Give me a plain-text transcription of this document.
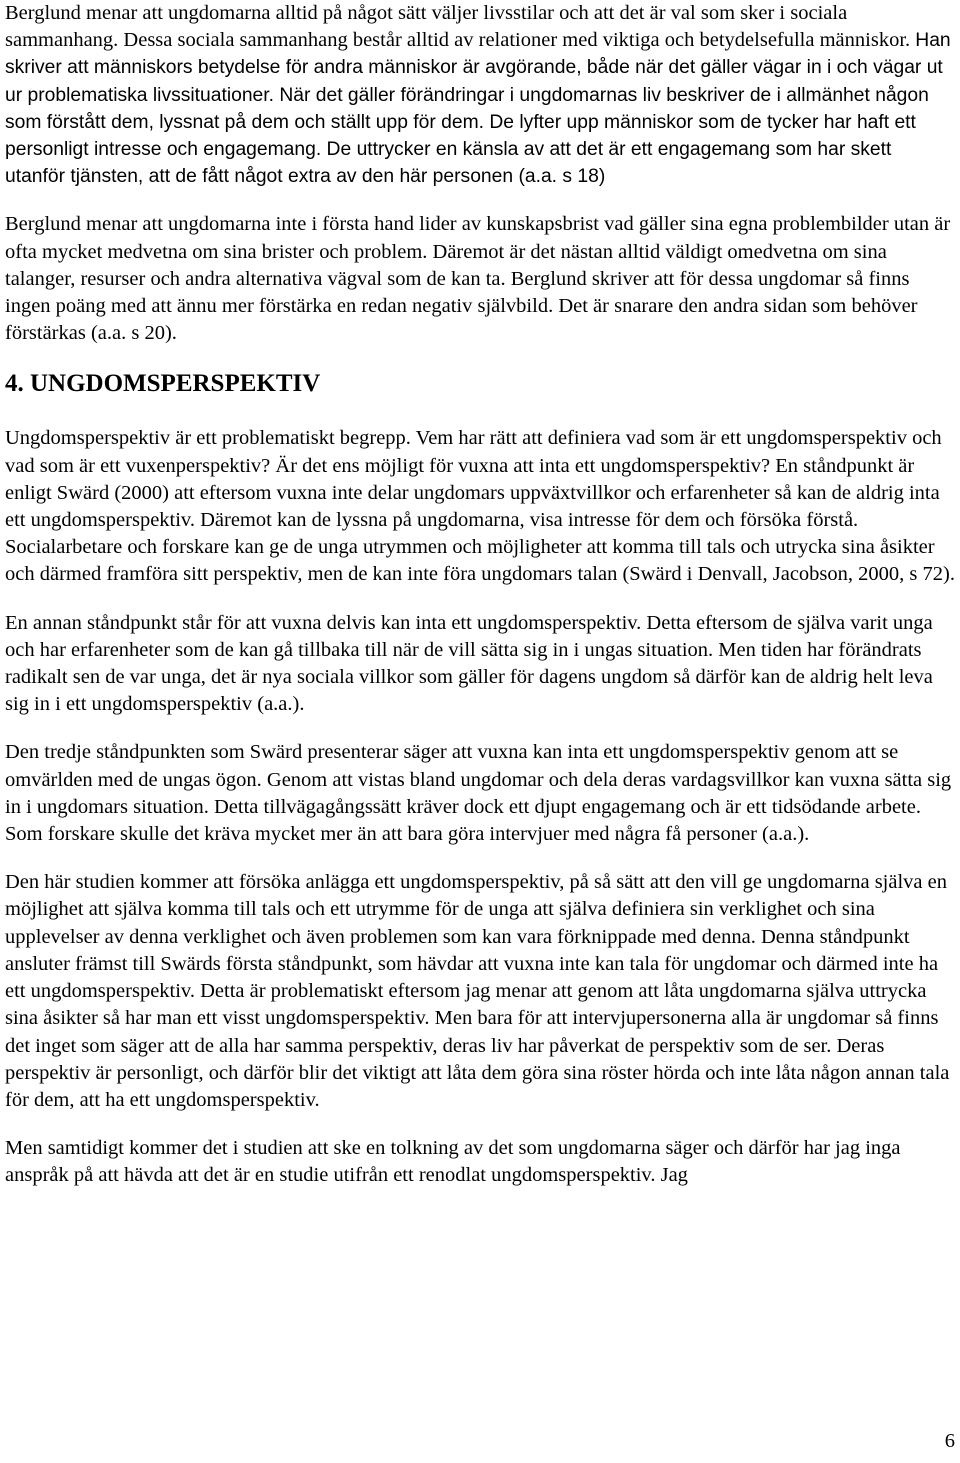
Berglund menar att ungdomarna alltid på något sätt väljer livsstilar och att det är val som sker i sociala sammanhang. Dessa sociala sammanhang består alltid av relationer med viktiga och betydelsefulla människor. Han skriver att människors betydelse för andra människor är avgörande, både när det gäller vägar in i och vägar ut ur problematiska livssituationer. När det gäller förändringar i ungdomarnas liv beskriver de i allmänhet någon som förstått dem, lyssnat på dem och ställt upp för dem. De lyfter upp människor som de tycker har haft ett personligt intresse och engagemang. De uttrycker en känsla av att det är ett engagemang som har skett utanför tjänsten, att de fått något extra av den här personen (a.a. s 18)

Berglund menar att ungdomarna inte i första hand lider av kunskapsbrist vad gäller sina egna problembilder utan är ofta mycket medvetna om sina brister och problem. Däremot är det nästan alltid väldigt omedvetna om sina talanger, resurser och andra alternativa vägval som de kan ta. Berglund skriver att för dessa ungdomar så finns ingen poäng med att ännu mer förstärka en redan negativ självbild. Det är snarare den andra sidan som behöver förstärkas (a.a. s 20).

4. UNGDOMSPERSPEKTIV

Ungdomsperspektiv är ett problematiskt begrepp. Vem har rätt att definiera vad som är ett ungdomsperspektiv och vad som är ett vuxenperspektiv? Är det ens möjligt för vuxna att inta ett ungdomsperspektiv? En ståndpunkt är enligt Swärd (2000) att eftersom vuxna inte delar ungdomars uppväxtvillkor och erfarenheter så kan de aldrig inta ett ungdomsperspektiv. Däremot kan de lyssna på ungdomarna, visa intresse för dem och försöka förstå. Socialarbetare och forskare kan ge de unga utrymmen och möjligheter att komma till tals och utrycka sina åsikter och därmed framföra sitt perspektiv, men de kan inte föra ungdomars talan (Swärd i Denvall, Jacobson, 2000, s 72).

En annan ståndpunkt står för att vuxna delvis kan inta ett ungdomsperspektiv. Detta eftersom de själva varit unga och har erfarenheter som de kan gå tillbaka till när de vill sätta sig in i ungas situation. Men tiden har förändrats radikalt sen de var unga, det är nya sociala villkor som gäller för dagens ungdom så därför kan de aldrig helt leva sig in i ett ungdomsperspektiv (a.a.).

Den tredje ståndpunkten som Swärd presenterar säger att vuxna kan inta ett ungdomsperspektiv genom att se omvärlden med de ungas ögon. Genom att vistas bland ungdomar och dela deras vardagsvillkor kan vuxna sätta sig in i ungdomars situation. Detta tillvägagångssätt kräver dock ett djupt engagemang och är ett tidsödande arbete. Som forskare skulle det kräva mycket mer än att bara göra intervjuer med några få personer (a.a.).

Den här studien kommer att försöka anlägga ett ungdomsperspektiv, på så sätt att den vill ge ungdomarna själva en möjlighet att själva komma till tals och ett utrymme för de unga att själva definiera sin verklighet och sina upplevelser av denna verklighet och även problemen som kan vara förknippade med denna. Denna ståndpunkt ansluter främst till Swärds första ståndpunkt, som hävdar att vuxna inte kan tala för ungdomar och därmed inte ha ett ungdomsperspektiv. Detta är problematiskt eftersom jag menar att genom att låta ungdomarna själva uttrycka sina åsikter så har man ett visst ungdomsperspektiv. Men bara för att intervjupersonerna alla är ungdomar så finns det inget som säger att de alla har samma perspektiv, deras liv har påverkat de perspektiv som de ser. Deras perspektiv är personligt, och därför blir det viktigt att låta dem göra sina röster hörda och inte låta någon annan tala för dem, att ha ett ungdomsperspektiv.

Men samtidigt kommer det i studien att ske en tolkning av det som ungdomarna säger och därför har jag inga anspråk på att hävda att det är en studie utifrån ett renodlat ungdomsperspektiv. Jag

6
